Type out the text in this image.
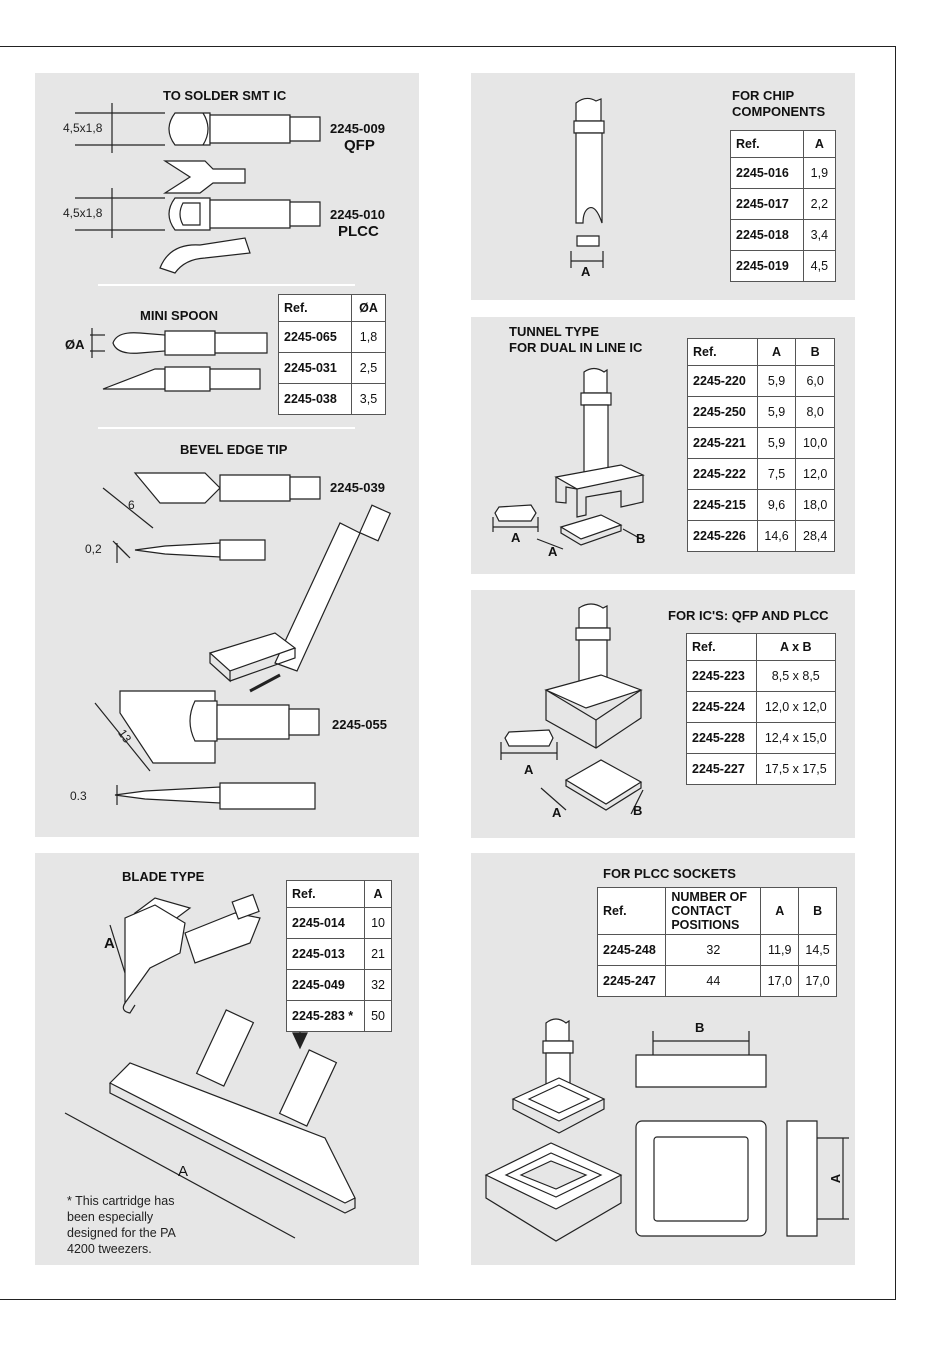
TO SOLDER SMT IC
2245-009
QFP
4,5x1,8
2245-010
PLCC
4,5x1,8
MINI SPOON
ØA
Ref.	ØA
2245-065	1,8
2245-031	2,5
2245-038	3,5
BEVEL EDGE TIP
2245-039
6
0,2
2245-055
13
0.3
A
FOR CHIP
COMPONENTS
Ref.	A
2245-016	1,9
2245-017	2,2
2245-018	3,4
2245-019	4,5
TUNNEL TYPE
FOR DUAL IN LINE IC
A
A
B
Ref.	A	B
2245-220	5,9	6,0
2245-250	5,9	8,0
2245-221	5,9	10,0
2245-222	7,5	12,0
2245-215	9,6	18,0
2245-226	14,6	28,4
FOR IC'S: QFP AND PLCC
A
A	B
Ref.	A x B
2245-223	8,5 x 8,5
2245-224	12,0 x 12,0
2245-228	12,4 x 15,0
2245-227	17,5 x 17,5
BLADE TYPE
A
A
Ref.	A
2245-014	10
2245-013	21
2245-049	32
2245-283 *	50
* This cartridge has been especially designed for the PA 4200 tweezers.
FOR PLCC SOCKETS
Ref.	NUMBER OF CONTACT POSITIONS	A	B
2245-248	32	11,9	14,5
2245-247	44	17,0	17,0
B
A
